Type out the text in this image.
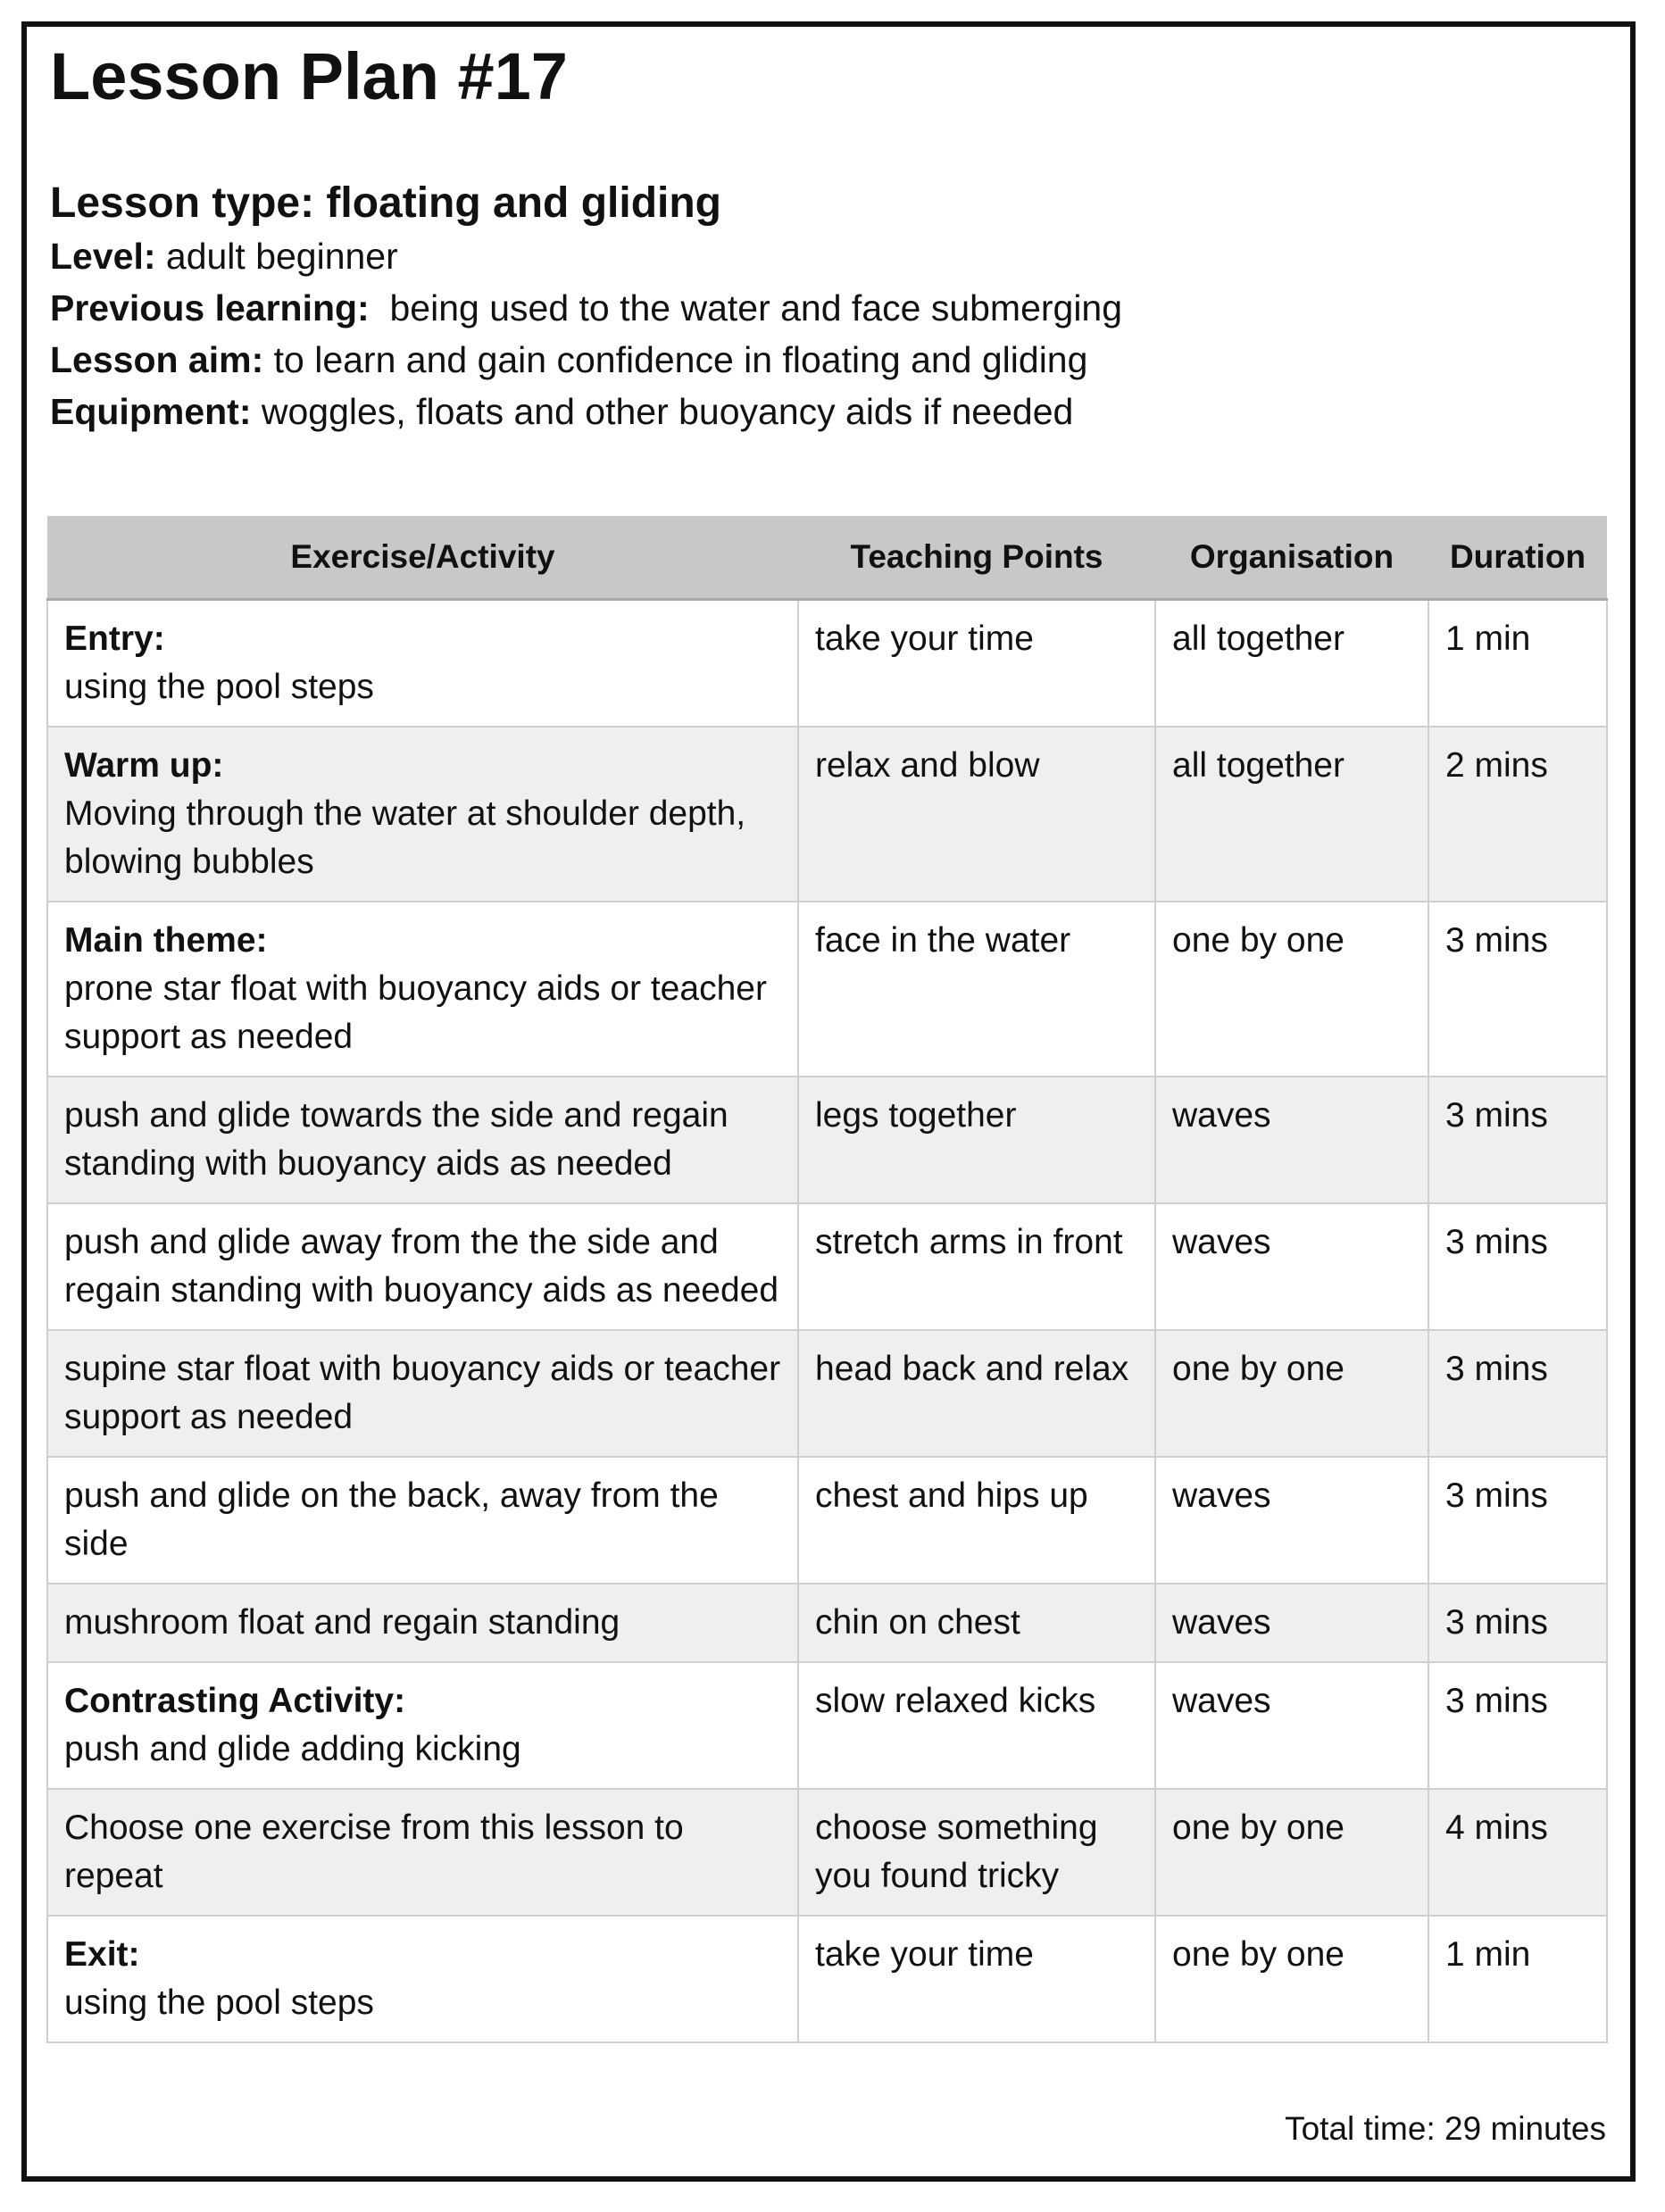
Lesson Plan #17
Lesson type: floating and gliding
Level: adult beginner
Previous learning:  being used to the water and face submerging
Lesson aim: to learn and gain confidence in floating and gliding
Equipment: woggles, floats and other buoyancy aids if needed
Exercise/Activity	Teaching Points	Organisation	Duration

Entry:
using the pool steps	take your time	all together	1 min

Warm up:
Moving through the water at shoulder depth, blowing bubbles	relax and blow	all together	2 mins

Main theme:
prone star float with buoyancy aids or teacher support as needed	face in the water	one by one	3 mins
push and glide towards the side and regain standing with buoyancy aids as needed	legs together	waves	3 mins
push and glide away from the the side and regain standing with buoyancy aids as needed	stretch arms in front	waves	3 mins
supine star float with buoyancy aids or teacher support as needed	head back and relax	one by one	3 mins
push and glide on the back, away from the side	chest and hips up	waves	3 mins
mushroom float and regain standing	chin on chest	waves	3 mins

Contrasting Activity:
push and glide adding kicking	slow relaxed kicks	waves	3 mins
Choose one exercise from this lesson to repeat	choose something you found tricky	one by one	4 mins

Exit:
using the pool steps	take your time	one by one	1 min
Total time: 29 minutes
